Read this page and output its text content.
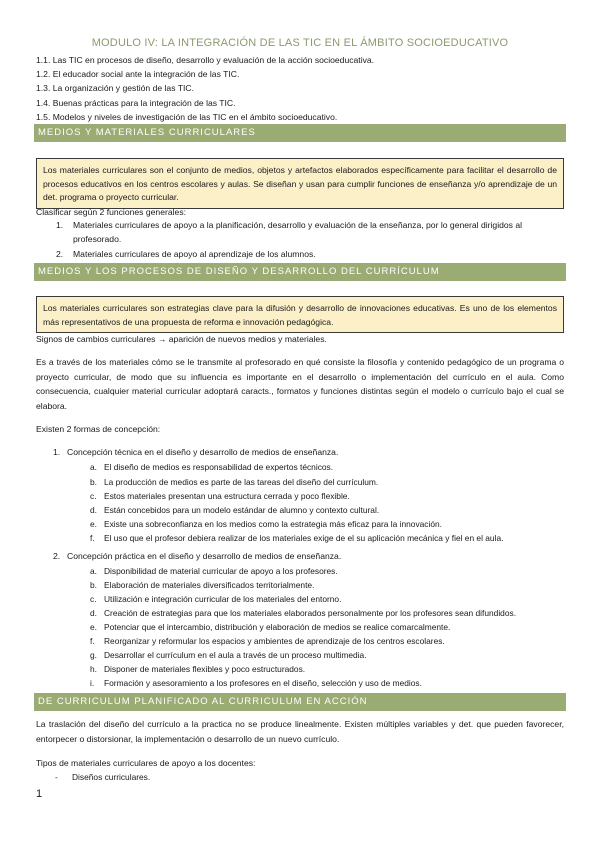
MODULO IV: LA INTEGRACIÓN DE LAS TIC EN EL ÁMBITO SOCIOEDUCATIVO
1.1. Las TIC en procesos de diseño, desarrollo y evaluación de la acción socioeducativa.
1.2. El educador social ante la integración de las TIC.
1.3. La organización y gestión de las TIC.
1.4. Buenas prácticas para la integración de las TIC.
1.5. Modelos y niveles de investigación de las TIC en el ámbito socioeducativo.
MEDIOS Y MATERIALES CURRICULARES
Los materiales curriculares son el conjunto de medios, objetos y artefactos elaborados específicamente para facilitar el desarrollo de procesos educativos en los centros escolares y aulas. Se diseñan y usan para cumplir funciones de enseñanza y/o aprendizaje de un det. programa o proyecto curricular.
Clasificar según 2 funciones generales:
1. Materiales curriculares de apoyo a la planificación, desarrollo y evaluación de la enseñanza, por lo general dirigidos al profesorado.
2. Materiales curriculares de apoyo al aprendizaje de los alumnos.
MEDIOS Y LOS PROCESOS DE DISEÑO Y DESARROLLO DEL CURRÍCULUM
Los materiales curriculares son estrategias clave para la difusión y desarrollo de innovaciones educativas. Es uno de los elementos más representativos de una propuesta de reforma e innovación pedagógica.
Signos de cambios curriculares → aparición de nuevos medios y materiales.
Es a través de los materiales cómo se le transmite al profesorado en qué consiste la filosofía y contenido pedagógico de un programa o proyecto curricular, de modo que su influencia es importante en el desarrollo o implementación del currículo en el aula. Como consecuencia, cualquier material curricular adoptará caracts., formatos y funciones distintas según el modelo o currículo bajo el cual se elabora.
Existen 2 formas de concepción:
1. Concepción técnica en el diseño y desarrollo de medios de enseñanza.
a. El diseño de medios es responsabilidad de expertos técnicos.
b. La producción de medios es parte de las tareas del diseño del currículum.
c. Estos materiales presentan una estructura cerrada y poco flexible.
d. Están concebidos para un modelo estándar de alumno y contexto cultural.
e. Existe una sobreconfianza en los medios como la estrategia más eficaz para la innovación.
f. El uso que el profesor debiera realizar de los materiales exige de el su aplicación mecánica y fiel en el aula.
2. Concepción práctica en el diseño y desarrollo de medios de enseñanza.
a. Disponibilidad de material curricular de apoyo a los profesores.
b. Elaboración de materiales diversificados territorialmente.
c. Utilización e integración curricular de los materiales del entorno.
d. Creación de estrategias para que los materiales elaborados personalmente por los profesores sean difundidos.
e. Potenciar que el intercambio, distribución y elaboración de medios se realice comarcalmente.
f. Reorganizar y reformular los espacios y ambientes de aprendizaje de los centros escolares.
g. Desarrollar el currículum en el aula a través de un proceso multimedia.
h. Disponer de materiales flexibles y poco estructurados.
i. Formación y asesoramiento a los profesores en el diseño, selección y uso de medios.
DE CURRICULUM PLANIFICADO AL CURRICULUM EN ACCIÓN
La traslación del diseño del currículo a la practica no se produce linealmente. Existen múltiples variables y det. que pueden favorecer, entorpecer o distorsionar, la implementación o desarrollo de un nuevo currículo.
Tipos de materiales curriculares de apoyo a los docentes:
- Diseños curriculares.
1
